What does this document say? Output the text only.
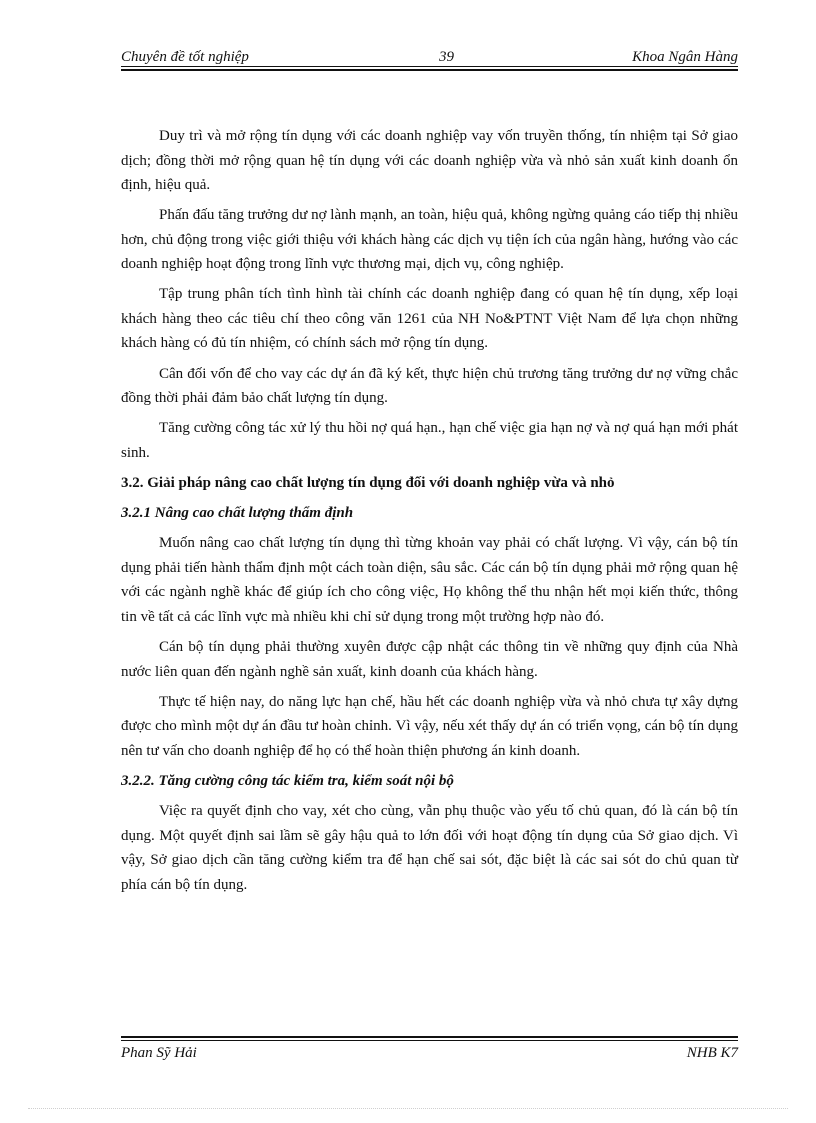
Chuyên đề tốt nghiệp	39	Khoa Ngân Hàng

Duy trì và mở rộng tín dụng với các doanh nghiệp vay vốn truyền thống, tín nhiệm tại Sở giao dịch; đồng thời mở rộng quan hệ tín dụng với các doanh nghiệp vừa và nhỏ sản xuất kinh doanh ổn định, hiệu quả.

Phấn đấu tăng trưởng dư nợ lành mạnh, an toàn, hiệu quả, không ngừng quảng cáo tiếp thị nhiều hơn, chủ động trong việc giới thiệu với khách hàng các dịch vụ tiện ích của ngân hàng, hướng vào các doanh nghiệp hoạt động trong lĩnh vực thương mại, dịch vụ, công nghiệp.

Tập trung phân tích tình hình tài chính các doanh nghiệp đang có quan hệ tín dụng, xếp loại khách hàng theo các tiêu chí theo công văn 1261 của NH No&PTNT Việt Nam để lựa chọn những khách hàng có đủ tín nhiệm, có chính sách mở rộng tín dụng.

Cân đối vốn để cho vay các dự án đã ký kết, thực hiện chủ trương tăng trưởng dư nợ vững chắc đồng thời phải đảm bảo chất lượng tín dụng.

Tăng cường công tác xử lý thu hồi nợ quá hạn., hạn chế việc gia hạn nợ và nợ quá hạn mới phát sinh.

3.2. Giải pháp nâng cao chất lượng tín dụng đối với doanh nghiệp vừa và nhỏ

3.2.1 Nâng cao chất lượng thẩm định

Muốn nâng cao chất lượng tín dụng thì từng khoản vay phải có chất lượng. Vì vậy, cán bộ tín dụng phải tiến hành thẩm định một cách toàn diện, sâu sắc. Các cán bộ tín dụng phải mở rộng quan hệ với các ngành nghề khác để giúp ích cho công việc, Họ không thể thu nhận hết mọi kiến thức, thông tin về tất cả các lĩnh vực mà nhiều khi chỉ sử dụng trong một trường hợp nào đó.

Cán bộ tín dụng phải thường xuyên được cập nhật các thông tin về những quy định của Nhà nước liên quan đến ngành nghề sản xuất, kinh doanh của khách hàng.

Thực tế hiện nay, do năng lực hạn chế, hầu hết các doanh nghiệp vừa và nhỏ chưa tự xây dựng được cho mình một dự án đầu tư hoàn chỉnh. Vì vậy, nếu xét thấy dự án có triển vọng, cán bộ tín dụng nên tư vấn cho doanh nghiệp để họ có thể hoàn thiện phương án kinh doanh.

3.2.2. Tăng cường công tác kiểm tra, kiểm soát nội bộ

Việc ra quyết định cho vay, xét cho cùng, vẫn phụ thuộc vào yếu tố chủ quan, đó là cán bộ tín dụng. Một quyết định sai lầm sẽ gây hậu quả to lớn đối với hoạt động tín dụng của Sở giao dịch. Vì vậy, Sở giao dịch cần tăng cường kiểm tra để hạn chế sai sót, đặc biệt là các sai sót do chủ quan từ phía cán bộ tín dụng.

Phan Sỹ Hải	NHB K7
